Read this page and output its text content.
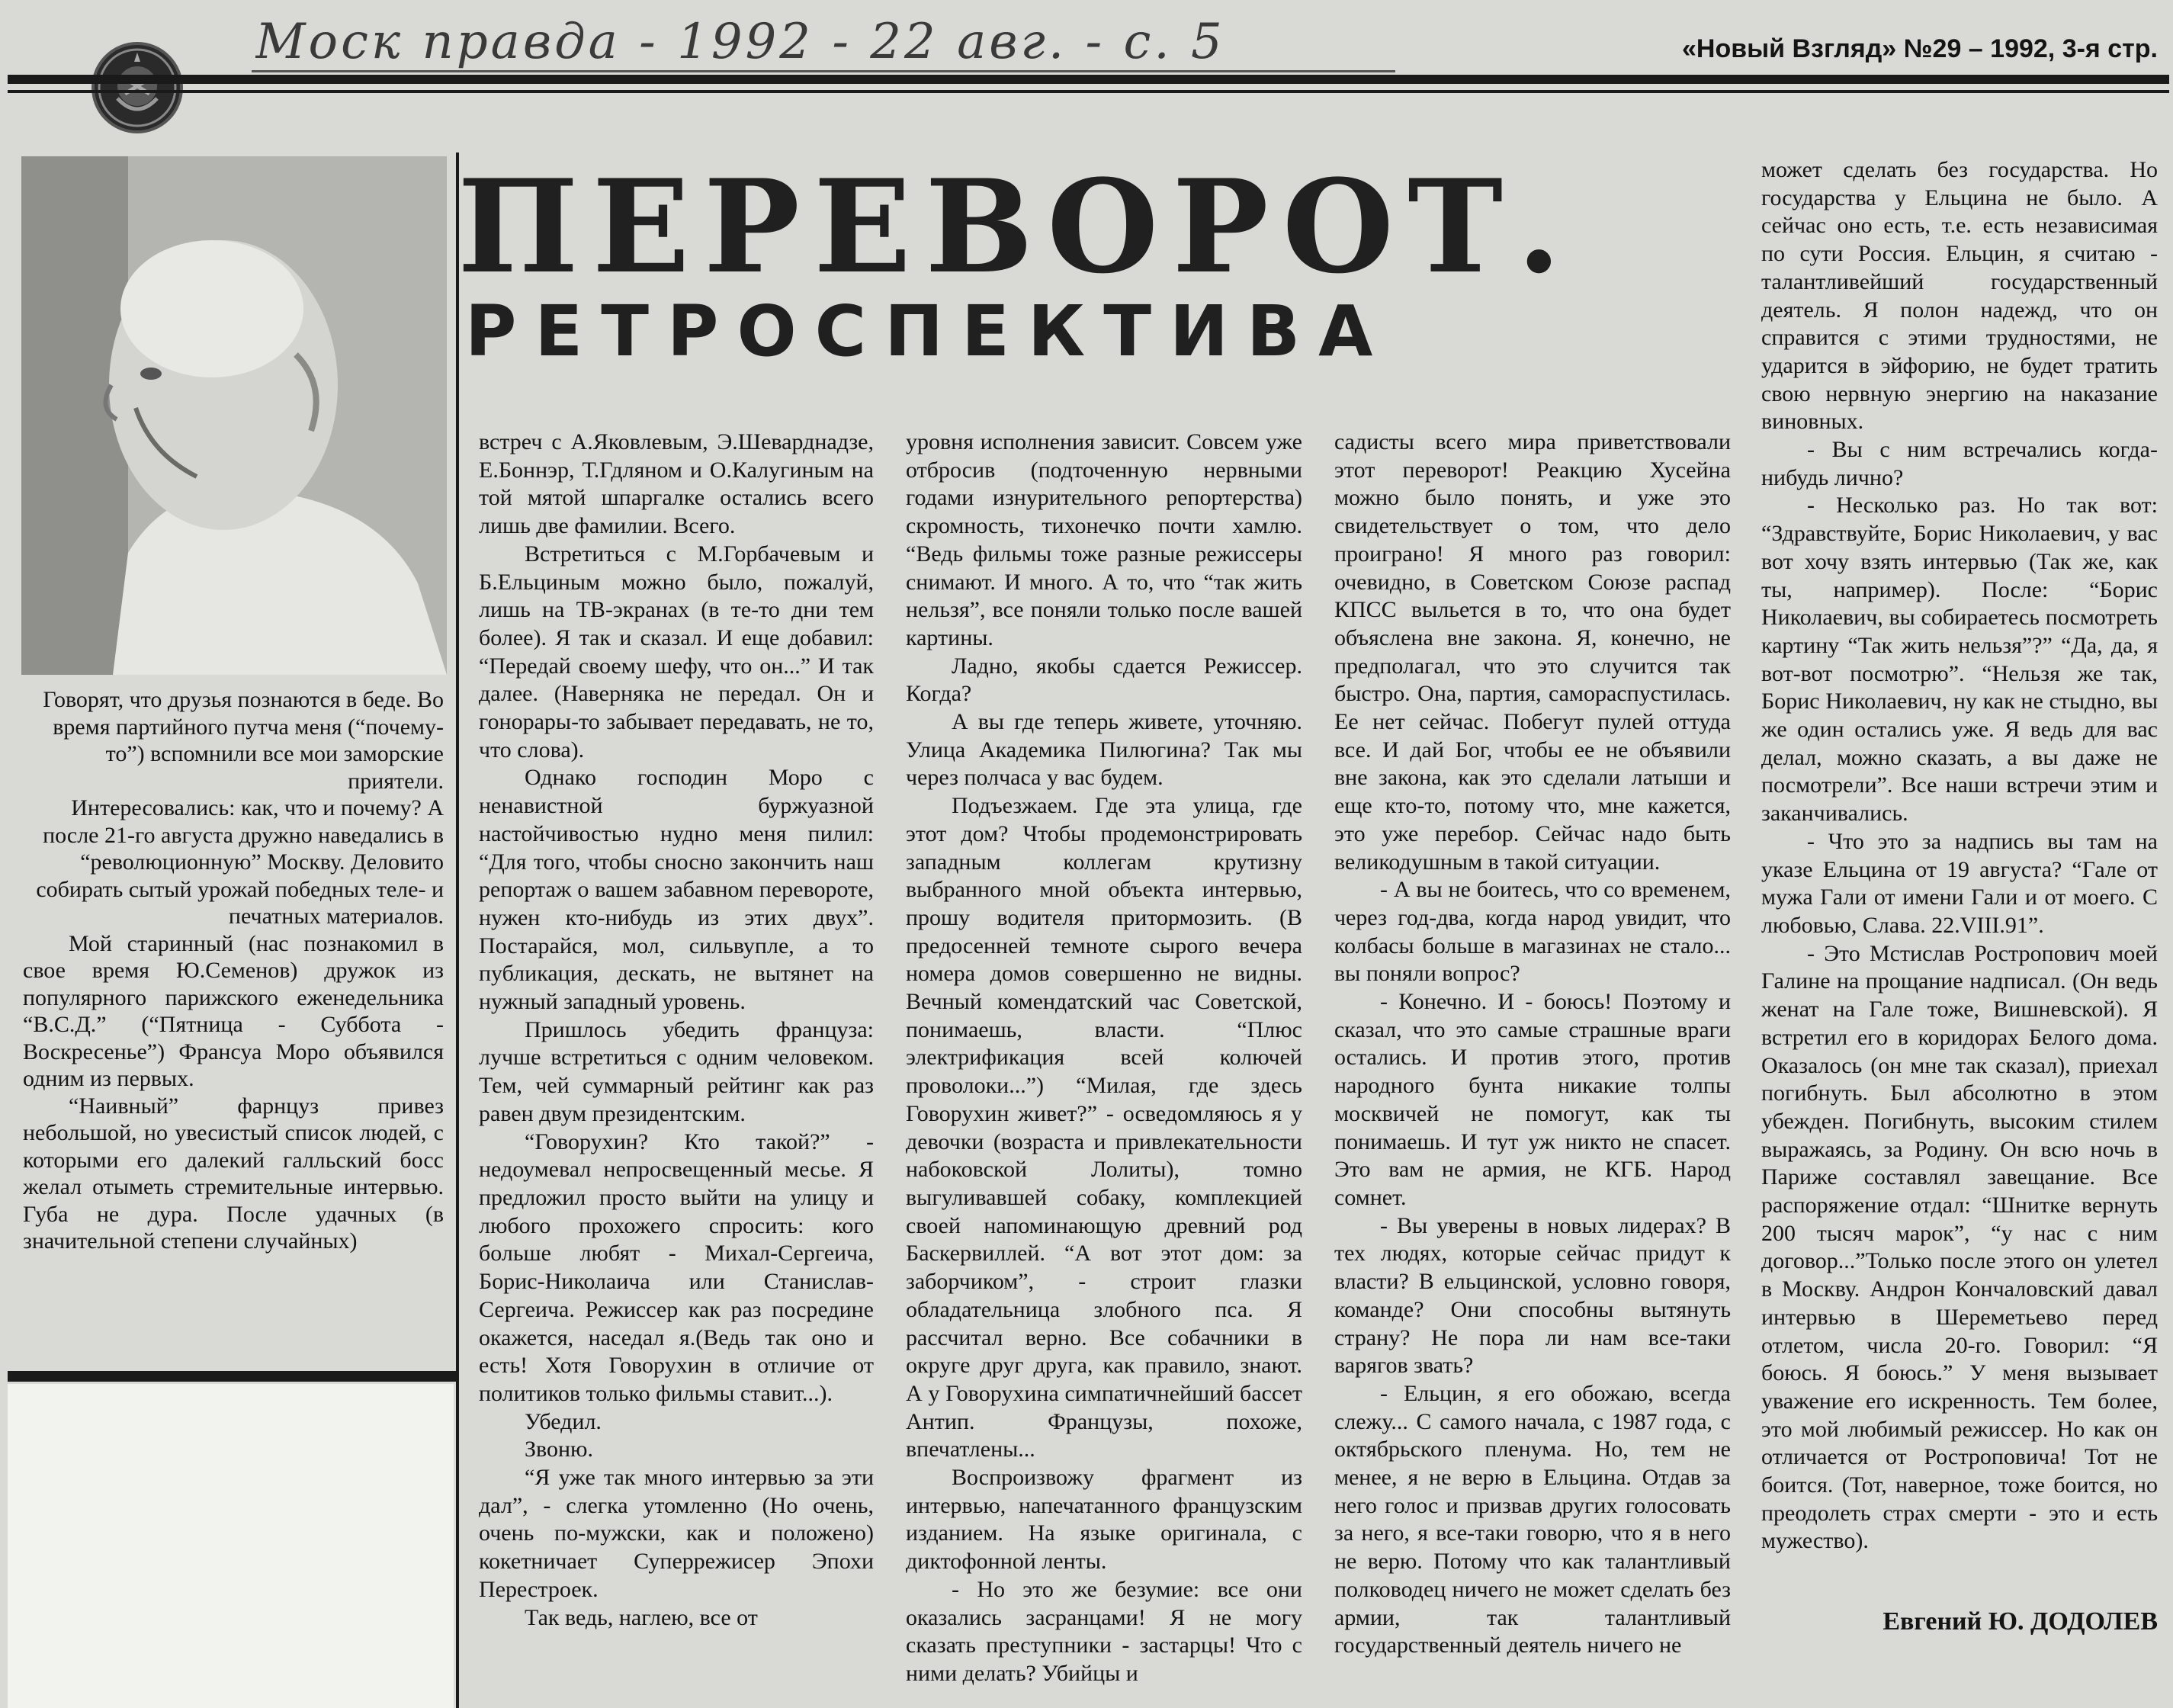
Моск правда - 1992 - 22 авг. - с. 5	«Новый Взгляд» №29 – 1992, 3-я стр.

Говорят, что друзья познаются в беде. Во время партийного путча меня (“почему-то”) вспомнили все мои заморские приятели.

Интересовались: как, что и почему? А после 21-го августа дружно наведались в “революционную” Москву. Деловито собирать сытый урожай победных теле- и печатных материалов.

Мой старинный (нас познакомил в свое время Ю.Семенов) дружок из популярного парижского еженедельника “В.С.Д.” (“Пятница - Суббота - Воскресенье”) Франсуа Моро объявился одним из первых.

“Наивный” фарнцуз привез небольшой, но увесистый список людей, с которыми его далекий галльский босс желал отыметь стремительные интервью. Губа не дура. После удачных (в значительной степени случайных)

ПЕРЕВОРОТ.
РЕТРОСПЕКТИВА

встреч с А.Яковлевым, Э.Шеварднадзе, Е.Боннэр, Т.Гдляном и О.Калугиным на той мятой шпаргалке остались всего лишь две фамилии. Всего.

Встретиться с М.Горбачевым и Б.Ельциным можно было, пожалуй, лишь на ТВ-экранах (в те-то дни тем более). Я так и сказал. И еще добавил: “Передай своему шефу, что он...” И так далее. (Наверняка не передал. Он и гонорары-то забывает передавать, не то, что слова).

Однако господин Моро с ненавистной буржуазной настойчивостью нудно меня пилил: “Для того, чтобы сносно закончить наш репортаж о вашем забавном перевороте, нужен кто-нибудь из этих двух”. Постарайся, мол, сильвупле, а то публикация, дескать, не вытянет на нужный западный уровень.

Пришлось убедить француза: лучше встретиться с одним человеком. Тем, чей суммарный рейтинг как раз равен двум президентским.

“Говорухин? Кто такой?” - недоумевал непросвещенный месье. Я предложил просто выйти на улицу и любого прохожего спросить: кого больше любят - Михал-Сергеича, Борис-Николаича или Станислав-Сергеича. Режиссер как раз посредине окажется, наседал я.(Ведь так оно и есть! Хотя Говорухин в отличие от политиков только фильмы ставит...).

Убедил.

Звоню.

“Я уже так много интервью за эти дал”, - слегка утомленно (Но очень, очень по-мужски, как и положено) кокетничает Суперрежисер Эпохи Перестроек.

Так ведь, наглею, все от

уровня исполнения зависит. Совсем уже отбросив (подточенную нервными годами изнурительного репортерства) скромность, тихонечко почти хамлю. “Ведь фильмы тоже разные режиссеры снимают. И много. А то, что “так жить нельзя”, все поняли только после вашей картины.

Ладно, якобы сдается Режиссер. Когда?

А вы где теперь живете, уточняю. Улица Академика Пилюгина? Так мы через полчаса у вас будем.

Подъезжаем. Где эта улица, где этот дом? Чтобы продемонстрировать западным коллегам крутизну выбранного мной объекта интервью, прошу водителя притормозить. (В предосенней темноте сырого вечера номера домов совершенно не видны. Вечный комендатский час Советской, понимаешь, власти. “Плюс электрификация всей колючей проволоки...”) “Милая, где здесь Говорухин живет?” - осведомляюсь я у девочки (возраста и привлекательности набоковской Лолиты), томно выгуливавшей собаку, комплекцией своей напоминающую древний род Баскервиллей. “А вот этот дом: за заборчиком”, - строит глазки обладательница злобного пса. Я рассчитал верно. Все собачники в округе друг друга, как правило, знают. А у Говорухина симпатичнейший бассет Антип. Французы, похоже, впечатлены...

Воспроизвожу фрагмент из интервью, напечатанного французским изданием. На языке оригинала, с диктофонной ленты.

- Но это же безумие: все они оказались засранцами! Я не могу сказать преступники - застарцы! Что с ними делать? Убийцы и

садисты всего мира приветствовали этот переворот! Реакцию Хусейна можно было понять, и уже это свидетельствует о том, что дело проиграно! Я много раз говорил: очевидно, в Советском Союзе распад КПСС выльется в то, что она будет объяслена вне закона. Я, конечно, не предполагал, что это случится так быстро. Она, партия, самораспустилась. Ее нет сейчас. Побегут пулей оттуда все. И дай Бог, чтобы ее не объявили вне закона, как это сделали латыши и еще кто-то, потому что, мне кажется, это уже перебор. Сейчас надо быть великодушным в такой ситуации.

- А вы не боитесь, что со временем, через год-два, когда народ увидит, что колбасы больше в магазинах не стало... вы поняли вопрос?

- Конечно. И - боюсь! Поэтому и сказал, что это самые страшные враги остались. И против этого, против народного бунта никакие толпы москвичей не помогут, как ты понимаешь. И тут уж никто не спасет. Это вам не армия, не КГБ. Народ сомнет.

- Вы уверены в новых лидерах? В тех людях, которые сейчас придут к власти? В ельцинской, условно говоря, команде? Они способны вытянуть страну? Не пора ли нам все-таки варягов звать?

- Ельцин, я его обожаю, всегда слежу... С самого начала, с 1987 года, с октябрьского пленума. Но, тем не менее, я не верю в Ельцина. Отдав за него голос и призвав других голосовать за него, я все-таки говорю, что я в него не верю. Потому что как талантливый полководец ничего не может сделать без армии, так талантливый государственный деятель ничего не

может сделать без государства. Но государства у Ельцина не было. А сейчас оно есть, т.е. есть независимая по сути Россия. Ельцин, я считаю - талантливейший государственный деятель. Я полон надежд, что он справится с этими трудностями, не ударится в эйфорию, не будет тратить свою нервную энергию на наказание виновных.

- Вы с ним встречались когда-нибудь лично?

- Несколько раз. Но так вот: “Здравствуйте, Борис Николаевич, у вас вот хочу взять интервью (Так же, как ты, например). После: “Борис Николаевич, вы собираетесь посмотреть картину “Так жить нельзя”?” “Да, да, я вот-вот посмотрю”. “Нельзя же так, Борис Николаевич, ну как не стыдно, вы же один остались уже. Я ведь для вас делал, можно сказать, а вы даже не посмотрели”. Все наши встречи этим и заканчивались.

- Что это за надпись вы там на указе Ельцина от 19 августа? “Гале от мужа Гали от имени Гали и от моего. С любовью, Слава. 22.VIII.91”.

- Это Мстислав Ростропович моей Галине на прощание надписал. (Он ведь женат на Гале тоже, Вишневской). Я встретил его в коридорах Белого дома. Оказалось (он мне так сказал), приехал погибнуть. Был абсолютно в этом убежден. Погибнуть, высоким стилем выражаясь, за Родину. Он всю ночь в Париже составлял завещание. Все распоряжение отдал: “Шнитке вернуть 200 тысяч марок”, “у нас с ним договор...”Только после этого он улетел в Москву. Андрон Кончаловский давал интервью в Шереметьево перед отлетом, числа 20-го. Говорил: “Я боюсь. Я боюсь.” У меня вызывает уважение его искренность. Тем более, это мой любимый режиссер. Но как он отличается от Ростроповича! Тот не боится. (Тот, наверное, тоже боится, но преодолеть страх смерти - это и есть мужество).

Евгений Ю. ДОДОЛЕВ
